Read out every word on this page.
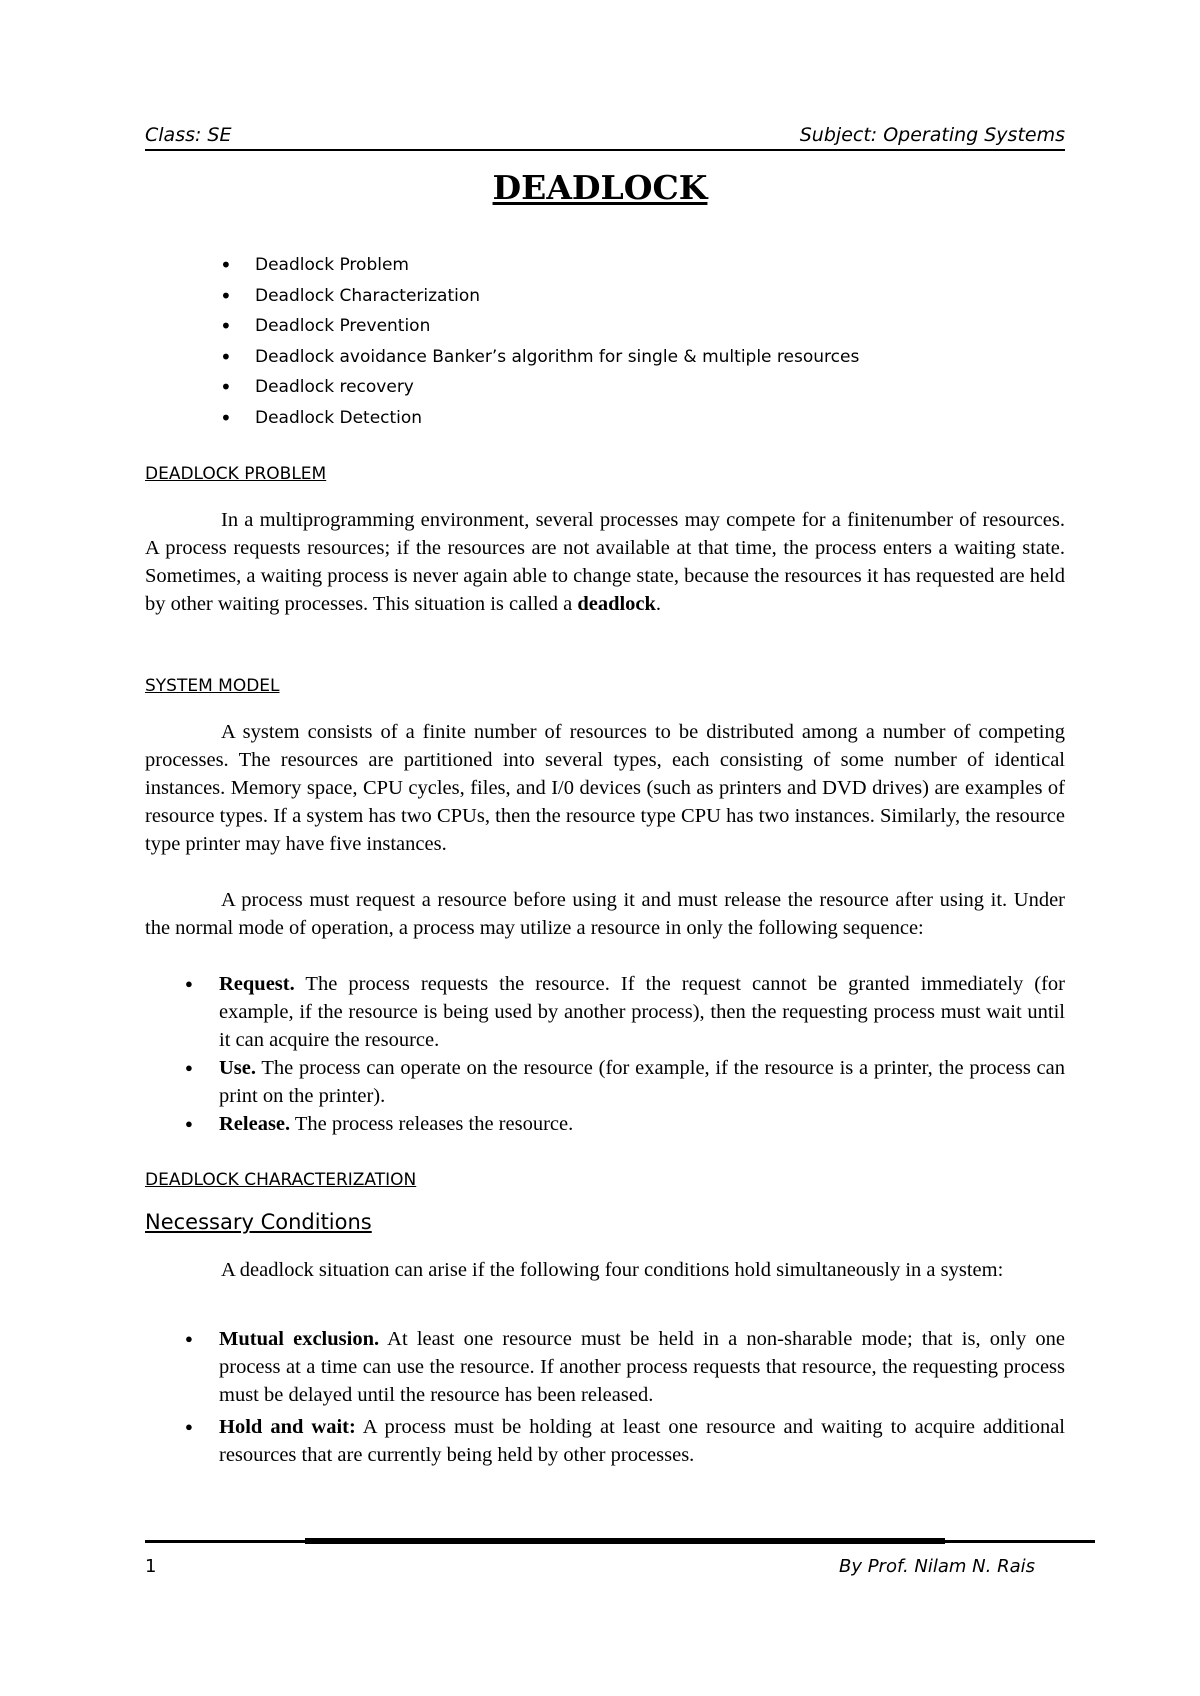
Class: SE	Subject: Operating Systems
DEADLOCK
• Deadlock Problem
• Deadlock Characterization
• Deadlock Prevention
• Deadlock avoidance Banker’s algorithm for single & multiple resources
• Deadlock recovery
• Deadlock Detection
DEADLOCK PROBLEM

In a multiprogramming environment, several processes may compete for a finitenumber of resources. A process requests resources; if the resources are not available at that time, the process enters a waiting state. Sometimes, a waiting process is never again able to change state, because the resources it has requested are held by other waiting processes. This situation is called a deadlock.

SYSTEM MODEL

A system consists of a finite number of resources to be distributed among a number of competing processes. The resources are partitioned into several types, each consisting of some number of identical instances. Memory space, CPU cycles, files, and I/0 devices (such as printers and DVD drives) are examples of resource types. If a system has two CPUs, then the resource type CPU has two instances. Similarly, the resource type printer may have five instances.

A process must request a resource before using it and must release the resource after using it. Under the normal mode of operation, a process may utilize a resource in only the following sequence:

● Request. The process requests the resource. If the request cannot be granted immediately (for example, if the resource is being used by another process), then the requesting process must wait until it can acquire the resource.
● Use. The process can operate on the resource (for example, if the resource is a printer, the process can print on the printer).
● Release. The process releases the resource.
DEADLOCK CHARACTERIZATION
Necessary Conditions

A deadlock situation can arise if the following four conditions hold simultaneously in a system:

● Mutual exclusion. At least one resource must be held in a non-sharable mode; that is, only one process at a time can use the resource. If another process requests that resource, the requesting process must be delayed until the resource has been released.
● Hold and wait: A process must be holding at least one resource and waiting to acquire additional resources that are currently being held by other processes.
1	By Prof. Nilam N. Rais
